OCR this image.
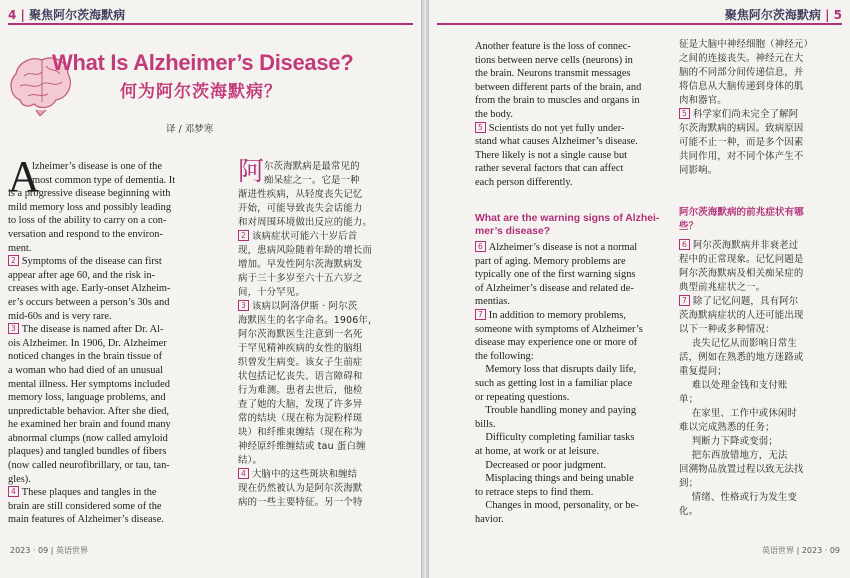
4 | 聚焦阿尔茨海默病
What Is Alzheimer’s Disease?
何为阿尔茨海默病？
译 / 邓梦寒
A
lzheimer’s disease is one of the
most common type of dementia. It
is a progressive disease beginning with
mild memory loss and possibly leading
to loss of the ability to carry on a con-
versation and respond to the environ-
ment.
2 Symptoms of the disease can first
appear after age 60, and the risk in-
creases with age. Early-onset Alzheim-
er’s occurs between a person’s 30s and
mid-60s and is very rare.
3 The disease is named after Dr. Al-
ois Alzheimer. In 1906, Dr. Alzheimer
noticed changes in the brain tissue of
a woman who had died of an unusual
mental illness. Her symptoms included
memory loss, language problems, and
unpredictable behavior. After she died,
he examined her brain and found many
abnormal clumps (now called amyloid
plaques) and tangled bundles of fibers
(now called neurofibrillary, or tau, tan-
gles).
4 These plaques and tangles in the
brain are still considered some of the
main features of Alzheimer’s disease.
阿 尔茨海默病是最常见的
痴呆症之一。它是一种
渐进性疾病，从轻度丧失记忆
开始，可能导致丧失会话能力
和对周围环境做出反应的能力。
2 该病症状可能六十岁后首
现，患病风险随着年龄的增长而
增加。早发性阿尔茨海默病发
病于三十多岁至六十五六岁之
间，十分罕见。
3 该病以阿洛伊斯 · 阿尔茨
海默医生的名字命名。1906年，
阿尔茨海默医生注意到一名死
于罕见精神疾病的女性的脑组
织曾发生病变。该女子生前症
状包括记忆丧失、语言障碍和
行为难测。患者去世后，他检
查了她的大脑，发现了许多异
常的结块（现在称为淀粉样斑
块）和纤维束缠结（现在称为
神经原纤维缠结或 tau 蛋白缠
结）。
4 大脑中的这些斑块和缠结
现在仍然被认为是阿尔茨海默
病的一些主要特征。另一个特
2023 · 09 | 英语世界
聚焦阿尔茨海默病 | 5
Another feature is the loss of connec-
tions between nerve cells (neurons) in
the brain. Neurons transmit messages
between different parts of the brain, and
from the brain to muscles and organs in
the body.
5 Scientists do not yet fully under-
stand what causes Alzheimer’s disease.
There likely is not a single cause but
rather several factors that can affect
each person differently.
What are the warning signs of Alzhei-
mer’s disease?
6 Alzheimer’s disease is not a normal
part of aging. Memory problems are
typically one of the first warning signs
of Alzheimer’s disease and related de-
mentias.
7 In addition to memory problems,
someone with symptoms of Alzheimer’s
disease may experience one or more of
the following:
Memory loss that disrupts daily life,
such as getting lost in a familiar place
or repeating questions.
Trouble handling money and paying
bills.
Difficulty completing familiar tasks
at home, at work or at leisure.
Decreased or poor judgment.
Misplacing things and being unable
to retrace steps to find them.
Changes in mood, personality, or be-
havior.
征是大脑中神经细胞（神经元）
之间的连接丧失。神经元在大
脑的不同部分间传递信息，并
将信息从大脑传递到身体的肌
肉和器官。
5 科学家们尚未完全了解阿
尔茨海默病的病因。致病原因
可能不止一种，而是多个因素
共同作用，对不同个体产生不
同影响。
阿尔茨海默病的前兆症状有哪
些？
6 阿尔茨海默病并非衰老过
程中的正常现象。记忆问题是
阿尔茨海默病及相关痴呆症的
典型前兆症状之一。
7 除了记忆问题，具有阿尔
茨海默病症状的人还可能出现
以下一种或多种情况：
丧失记忆从而影响日常生
活，例如在熟悉的地方迷路或
重复提问；
难以处理金钱和支付账
单；
在家里、工作中或休闲时
难以完成熟悉的任务；
判断力下降或变弱；
把东西放错地方，无法
回溯物品放置过程以致无法找
到；
情绪、性格或行为发生变
化。
英语世界 | 2023 · 09
